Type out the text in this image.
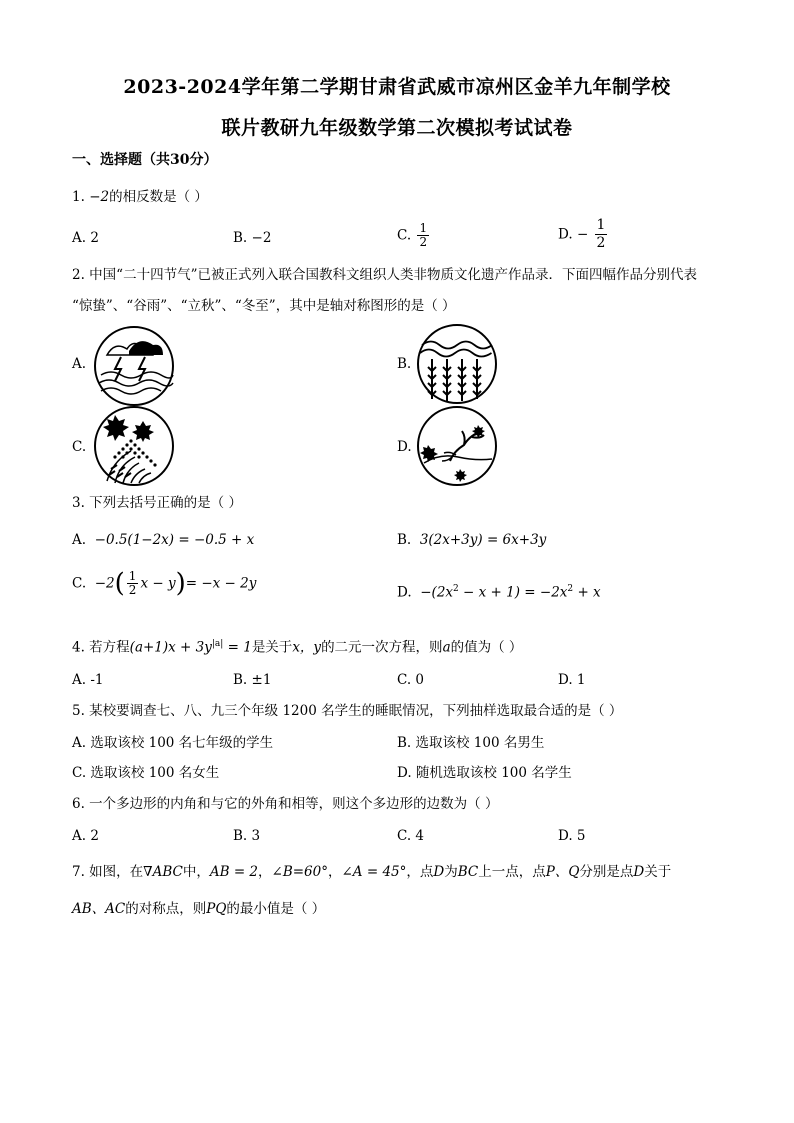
2023-2024学年第二学期甘肃省武威市凉州区金羊九年制学校
联片教研九年级数学第二次模拟考试试卷
一、选择题（共30分）
1. −2的相反数是（ ）
A. 2	B. −2	C. $\frac{1}{2}$	D. − $\frac{1}{2}$
2. 中国“二十四节气”已被正式列入联合国教科文组织人类非物质文化遗产作品录．下面四幅作品分别代表
“惊蛰”、“谷雨”、“立秋”、“冬至”，其中是轴对称图形的是（ ）
A.	B.
C.	D.
3. 下列去括号正确的是（ ）
A. −0.5(1−2x) = −0.5 + x	B. 3(2x+3y) = 6x+3y
C. $-2( \frac{1}{2}$ x − y)= −x − 2y
D. $-(2x^2 - x + 1) = -2x^2 + x$
4. 若方程$(a+1)x + 3y^{|a|} = 1$是关于x，y的二元一次方程，则a的值为（ ）
A. -1	B. ±1	C. 0	D. 1
5. 某校要调查七、八、九三个年级 1200 名学生的睡眠情况，下列抽样选取最合适的是（ ）
A. 选取该校 100 名七年级的学生	B. 选取该校 100 名男生
C. 选取该校 100 名女生	D. 随机选取该校 100 名学生
6. 一个多边形的内角和与它的外角和相等，则这个多边形的边数为（ ）
A. 2	B. 3	C. 4	D. 5
7. 如图，在∇ABC中，AB = 2，∠B=60°，∠A = 45°，点D为BC上一点，点P、Q分别是点D关于
AB、AC的对称点，则PQ的最小值是（ ）
